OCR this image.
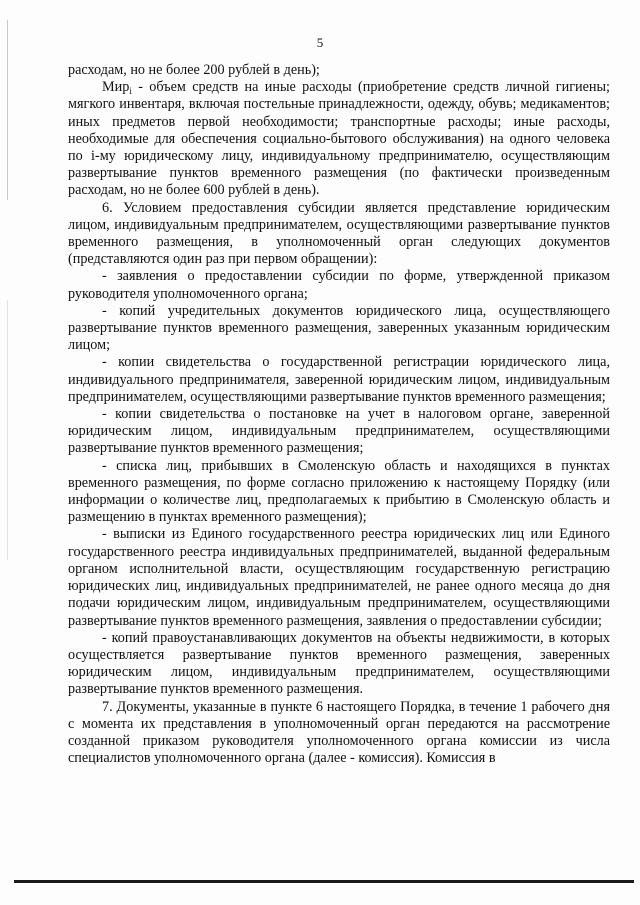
5

расходам, но не более 200 рублей в день);

Мир$_i$ - объем средств на иные расходы (приобретение средств личной гигиены; мягкого инвентаря, включая постельные принадлежности, одежду, обувь; медикаментов; иных предметов первой необходимости; транспортные расходы; иные расходы, необходимые для обеспечения социально-бытового обслуживания) на одного человека по i-му юридическому лицу, индивидуальному предпринимателю, осуществляющим развертывание пунктов временного размещения (по фактически произведенным расходам, но не более 600 рублей в день).

6. Условием предоставления субсидии является представление юридическим лицом, индивидуальным предпринимателем, осуществляющими развертывание пунктов временного размещения, в уполномоченный орган следующих документов (представляются один раз при первом обращении):

- заявления о предоставлении субсидии по форме, утвержденной приказом руководителя уполномоченного органа;

- копий учредительных документов юридического лица, осуществляющего развертывание пунктов временного размещения, заверенных указанным юридическим лицом;

- копии свидетельства о государственной регистрации юридического лица, индивидуального предпринимателя, заверенной юридическим лицом, индивидуальным предпринимателем, осуществляющими развертывание пунктов временного размещения;

- копии свидетельства о постановке на учет в налоговом органе, заверенной юридическим лицом, индивидуальным предпринимателем, осуществляющими развертывание пунктов временного размещения;

- списка лиц, прибывших в Смоленскую область и находящихся в пунктах временного размещения, по форме согласно приложению к настоящему Порядку (или информации о количестве лиц, предполагаемых к прибытию в Смоленскую область и размещению в пунктах временного размещения);

- выписки из Единого государственного реестра юридических лиц или Единого государственного реестра индивидуальных предпринимателей, выданной федеральным органом исполнительной власти, осуществляющим государственную регистрацию юридических лиц, индивидуальных предпринимателей, не ранее одного месяца до дня подачи юридическим лицом, индивидуальным предпринимателем, осуществляющими развертывание пунктов временного размещения, заявления о предоставлении субсидии;

- копий правоустанавливающих документов на объекты недвижимости, в которых осуществляется развертывание пунктов временного размещения, заверенных юридическим лицом, индивидуальным предпринимателем, осуществляющими развертывание пунктов временного размещения.

7. Документы, указанные в пункте 6 настоящего Порядка, в течение 1 рабочего дня с момента их представления в уполномоченный орган передаются на рассмотрение созданной приказом руководителя уполномоченного органа комиссии из числа специалистов уполномоченного органа (далее - комиссия). Комиссия в
